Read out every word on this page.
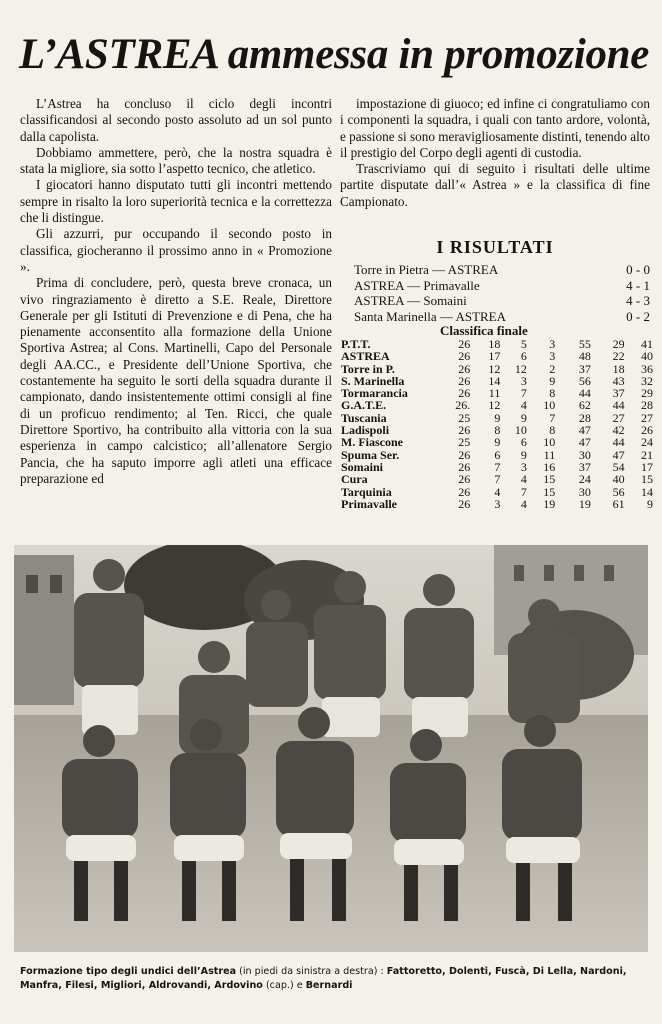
L’ASTREA ammessa in promozione

L’Astrea ha concluso il ciclo degli incontri classificandosi al secondo posto assoluto ad un sol punto dalla capolista.

Dobbiamo ammettere, però, che la nostra squadra è stata la migliore, sia sotto l’aspetto tecnico, che atletico.

I giocatori hanno disputato tutti gli incontri mettendo sempre in risalto la loro superiorità tecnica e la correttezza che li distingue.

Gli azzurri, pur occupando il secondo posto in classifica, giocheranno il prossimo anno in « Promozione ».

Prima di concludere, però, questa breve cronaca, un vivo ringraziamento è diretto a S.E. Reale, Direttore Generale per gli Istituti di Prevenzione e di Pena, che ha pienamente acconsentito alla formazione della Unione Sportiva Astrea; al Cons. Martinelli, Capo del Personale degli AA.CC., e Presidente dell’Unione Sportiva, che costantemente ha seguito le sorti della squadra durante il campionato, dando insistentemente ottimi consigli al fine di un proficuo rendimento; al Ten. Ricci, che quale Direttore Sportivo, ha contribuito alla vittoria con la sua esperienza in campo calcistico; all’allenatore Sergio Pancia, che ha saputo imporre agli atleti una efficace preparazione ed

impostazione di giuoco; ed infine ci congratuliamo con i componenti la squadra, i quali con tanto ardore, volontà, e passione si sono meravigliosamente distinti, tenendo alto il prestigio del Corpo degli agenti di custodia.

Trascriviamo qui di seguito i risultati delle ultime partite disputate dall’« Astrea » e la classifica di fine Campionato.

I RISULTATI
Torre in Pietra — ASTREA	0 - 0
ASTREA — Primavalle	4 - 1
ASTREA — Somaini	4 - 3
Santa Marinella — ASTREA	0 - 2
Classifica finale
P.T.T.	26	18	5	3	55	29	41
ASTREA	26	17	6	3	48	22	40
Torre in P.	26	12	12	2	37	18	36
S. Marinella	26	14	3	9	56	43	32
Tormarancia	26	11	7	8	44	37	29
G.A.T.E.	26.	12	4	10	62	44	28
Tuscania	25	9	9	7	28	27	27
Ladispoli	26	8	10	8	47	42	26
M. Fiascone	25	9	6	10	47	44	24
Spuma Ser.	26	6	9	11	30	47	21
Somaini	26	7	3	16	37	54	17
Cura	26	7	4	15	24	40	15
Tarquinia	26	4	7	15	30	56	14
Primavalle	26	3	4	19	19	61	9
Formazione tipo degli undici dell’Astrea (in piedi da sinistra a destra) : Fattoretto, Dolenti, Fuscà, Di Lella, Nardoni, Manfra, Filesi, Migliori, Aldrovandi, Ardovino (cap.) e Bernardi
